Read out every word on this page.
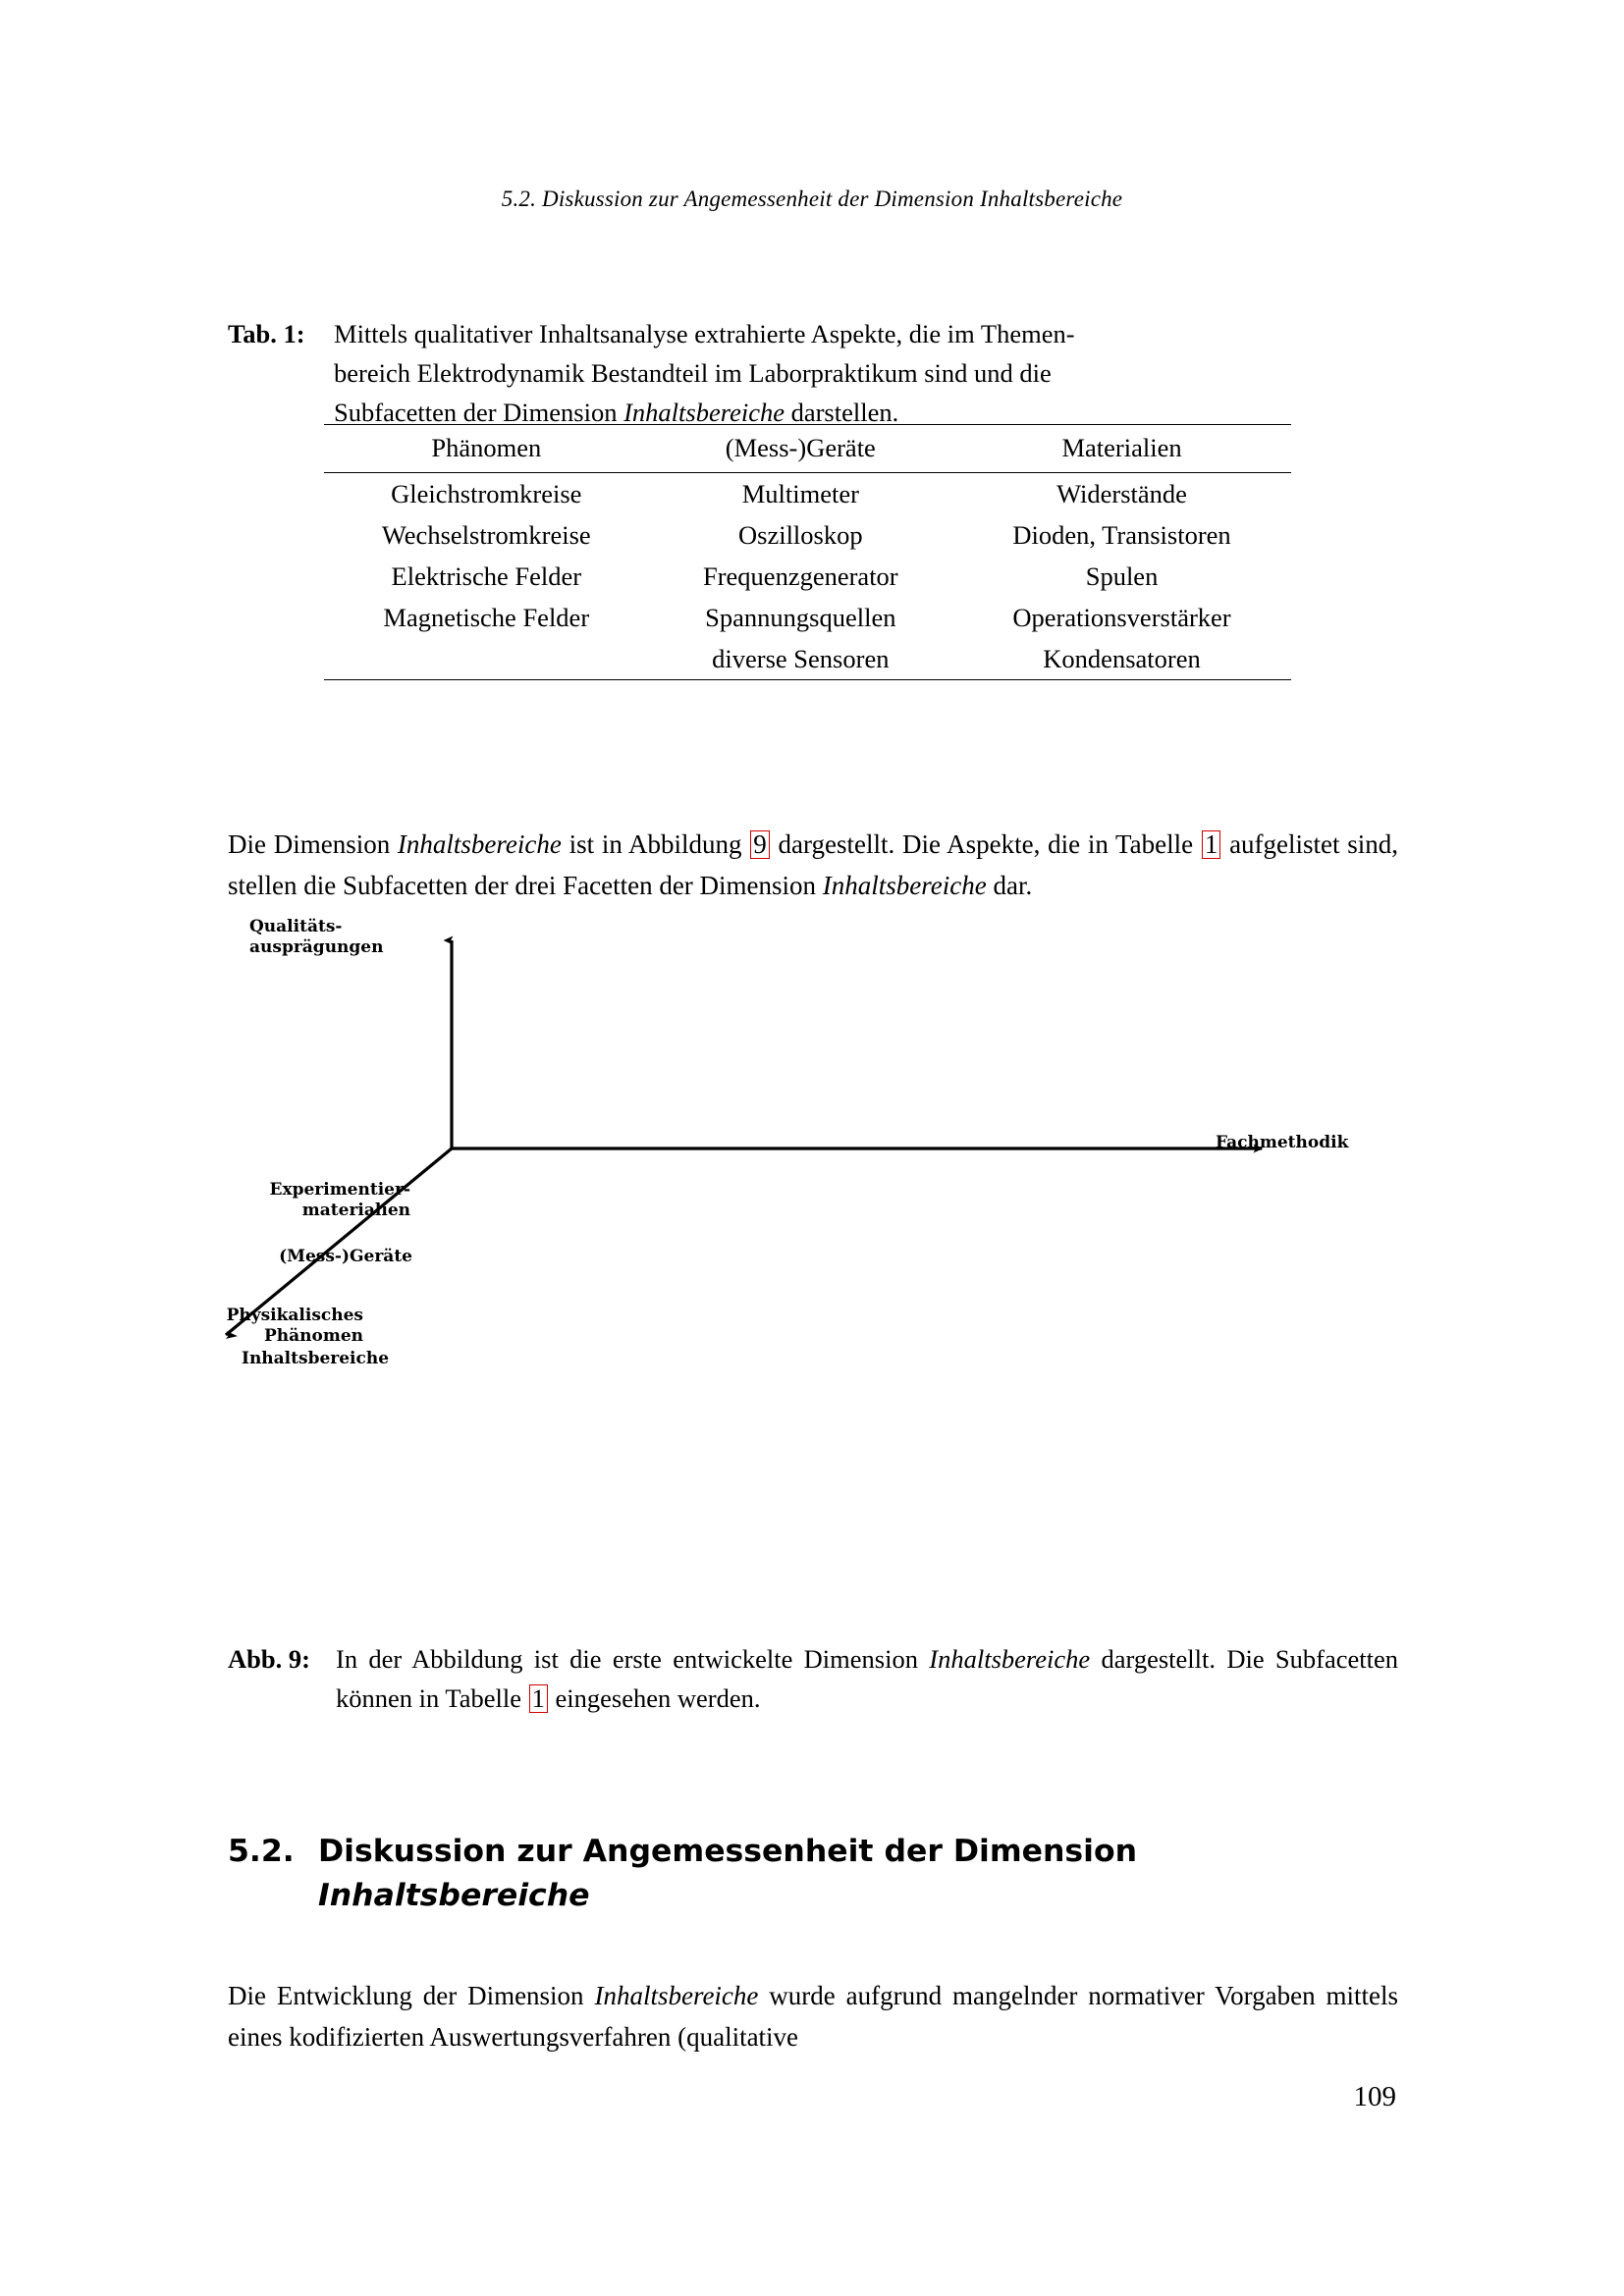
5.2. Diskussion zur Angemessenheit der Dimension Inhaltsbereiche
Tab. 1: Mittels qualitativer Inhaltsanalyse extrahierte Aspekte, die im Themen-
bereich Elektrodynamik Bestandteil im Laborpraktikum sind und die
Subfacetten der Dimension Inhaltsbereiche darstellen.
Phänomen	(Mess-)Geräte	Materialien
Gleichstromkreise	Multimeter	Widerstände
Wechselstromkreise	Oszilloskop	Dioden, Transistoren
Elektrische Felder	Frequenzgenerator	Spulen
Magnetische Felder	Spannungsquellen	Operationsverstärker
	diverse Sensoren	Kondensatoren

Die Dimension Inhaltsbereiche ist in Abbildung 9 dargestellt. Die Aspekte, die in Tabelle 1 aufgelistet sind, stellen die Subfacetten der drei Facetten der Dimension Inhaltsbereiche dar.

Qualitäts-
ausprägungen
Fachmethodik
Experimentier-
materialien
(Mess-)Geräte
Physikalisches
Phänomen
Inhaltsbereiche
Abb. 9: In der Abbildung ist die erste entwickelte Dimension Inhaltsbereiche dargestellt. Die Subfacetten können in Tabelle 1 eingesehen werden.
5.2. Diskussion zur Angemessenheit der Dimension
Inhaltsbereiche

Die Entwicklung der Dimension Inhaltsbereiche wurde aufgrund mangelnder normativer Vorgaben mittels eines kodifizierten Auswertungsverfahren (qualitative

109
